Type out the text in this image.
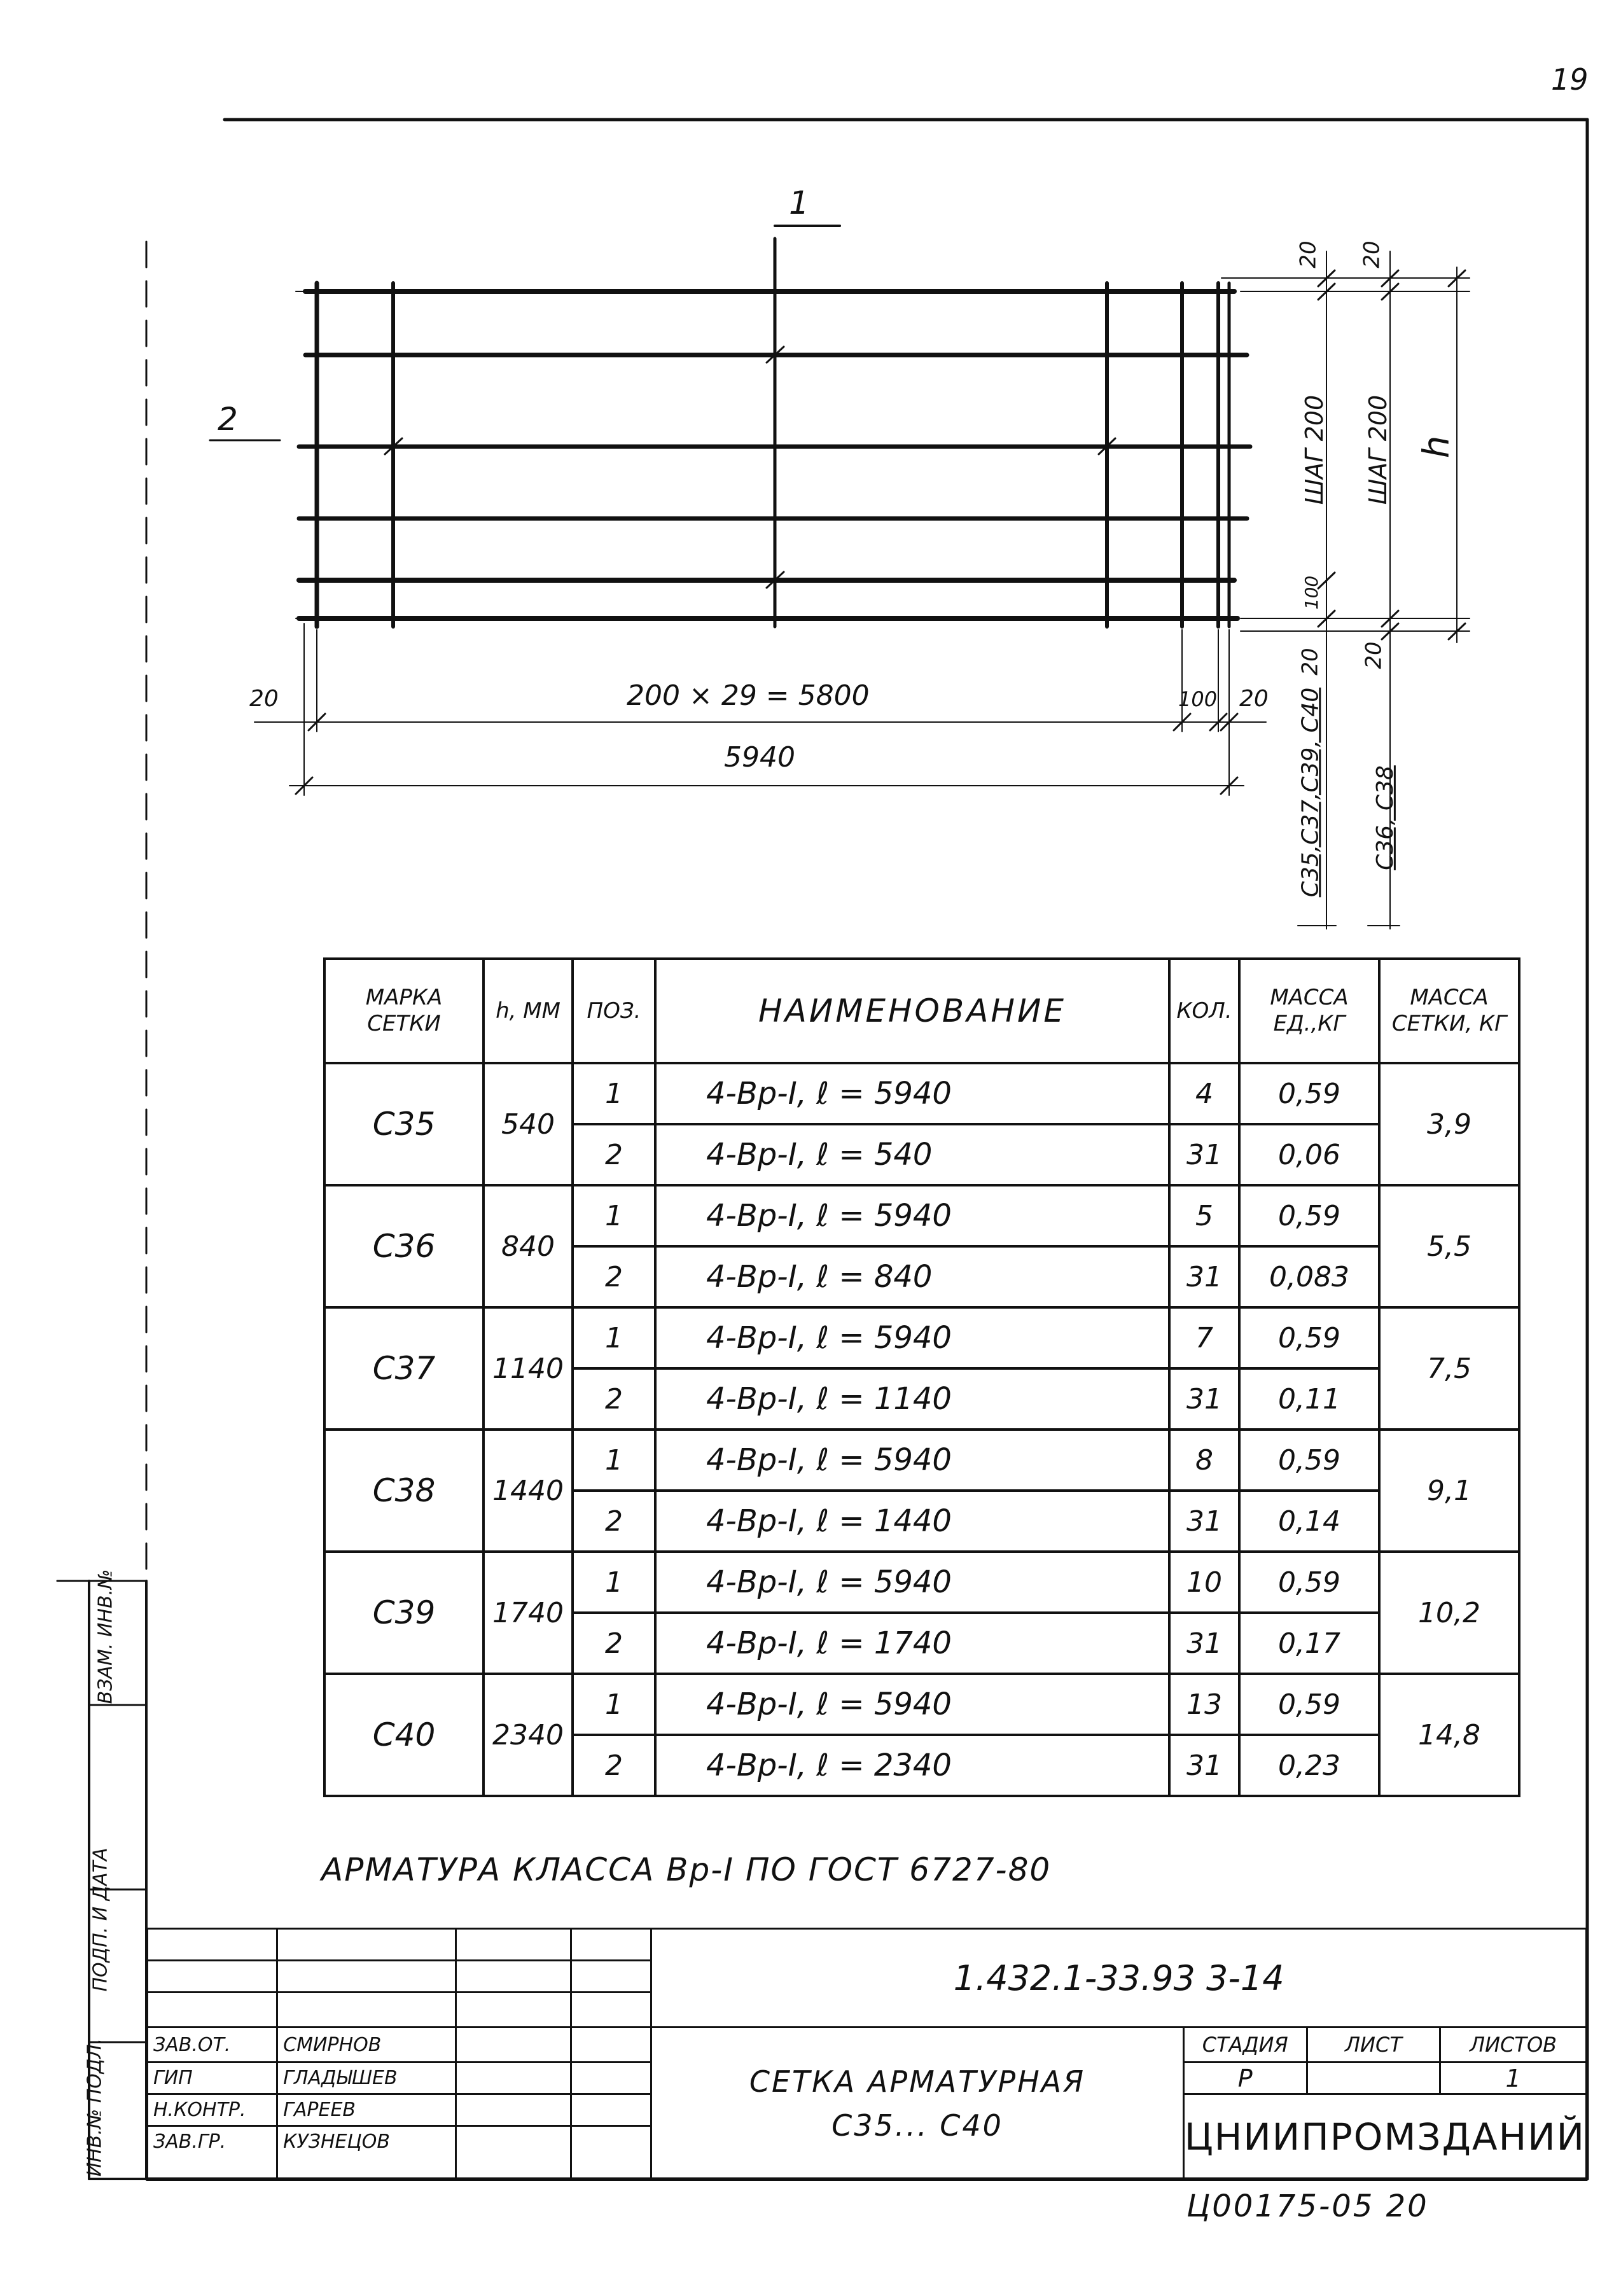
19
1
2
200 × 29 = 5800
5940
20	100 20
20 20
ШАГ 200 ШАГ 200 h
100
20 20
С35,С37,С39, С40 С36, С38
МАРКА СЕТКИ	h, ММ	ПОЗ.	НАИМЕНОВАНИЕ	КОЛ.	МАССА ЕД.,КГ	МАССА СЕТКИ, КГ
С35	540	1	4-Вр-I, ℓ = 5940	4	0,59	3,9
		2	4-Вр-I, ℓ = 540	31	0,06	
С36	840	1	4-Вр-I, ℓ = 5940	5	0,59	5,5
		2	4-Вр-I, ℓ = 840	31	0,083	
С37	1140	1	4-Вр-I, ℓ = 5940	7	0,59	7,5
		2	4-Вр-I, ℓ = 1140	31	0,11	
С38	1440	1	4-Вр-I, ℓ = 5940	8	0,59	9,1
		2	4-Вр-I, ℓ = 1440	31	0,14	
С39	1740	1	4-Вр-I, ℓ = 5940	10	0,59	10,2
		2	4-Вр-I, ℓ = 1740	31	0,17	
С40	2340	1	4-Вр-I, ℓ = 5940	13	0,59	14,8
		2	4-Вр-I, ℓ = 2340	31	0,23	
АРМАТУРА КЛАССА Вр-I ПО ГОСТ 6727-80
				1.432.1-33.93 3-14			

ЗАВ.ОТ.	СМИРНОВ			СЕТКА АРМАТУРНАЯ
С35... С40	СТАДИЯ	ЛИСТ	ЛИСТОВ
ГИП	ГЛАДЫШЕВ				Р		1
Н.КОНТР.	ГАРЕЕВ				ЦНИИПРОМЗДАНИЙ		
ЗАВ.ГР.	КУЗНЕЦОВ						
ИНВ.№ ПОДЛ.
ПОДП. И ДАТА
ВЗАМ. ИНВ.№
Ц00175-05 20
